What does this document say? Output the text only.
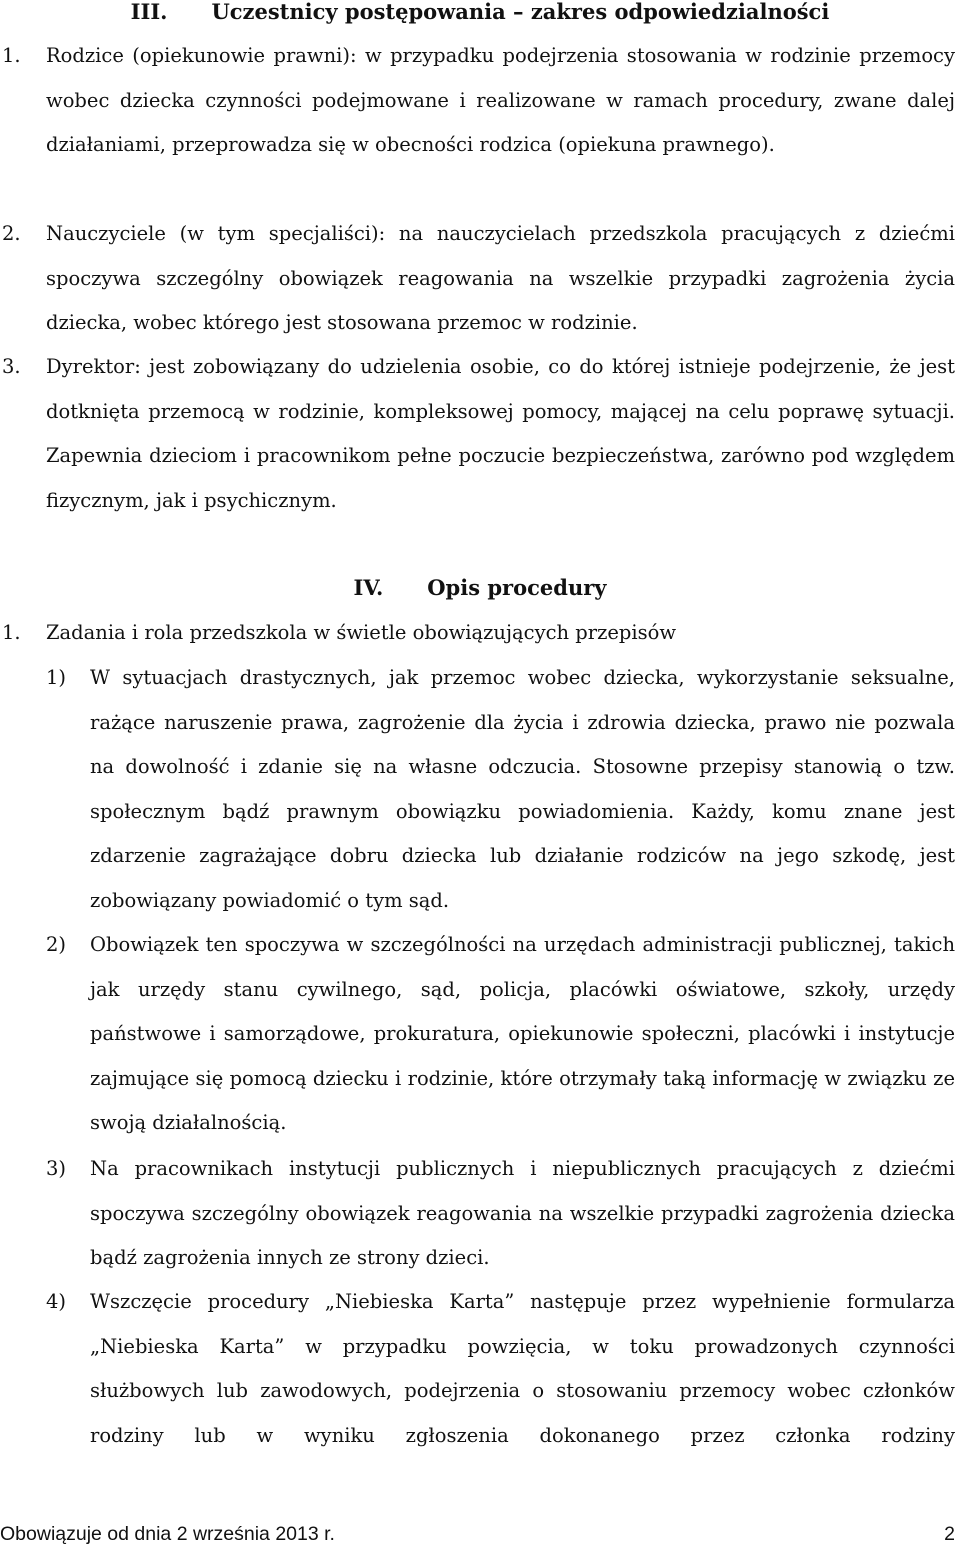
III. Uczestnicy postępowania – zakres odpowiedzialności

1. Rodzice (opiekunowie prawni): w przypadku podejrzenia stosowania w rodzinie przemocy wobec dziecka czynności podejmowane i realizowane w ramach procedury, zwane dalej działaniami, przeprowadza się w obecności rodzica (opiekuna prawnego).

2. Nauczyciele (w tym specjaliści): na nauczycielach przedszkola pracujących z dziećmi spoczywa szczególny obowiązek reagowania na wszelkie przypadki zagrożenia życia dziecka, wobec którego jest stosowana przemoc w rodzinie.

3. Dyrektor: jest zobowiązany do udzielenia osobie, co do której istnieje podejrzenie, że jest dotknięta przemocą w rodzinie, kompleksowej pomocy, mającej na celu poprawę sytuacji. Zapewnia dzieciom i pracownikom pełne poczucie bezpieczeństwa, zarówno pod względem fizycznym, jak i psychicznym.

IV. Opis procedury

1. Zadania i rola przedszkola w świetle obowiązujących przepisów

1) W sytuacjach drastycznych, jak przemoc wobec dziecka, wykorzystanie seksualne, rażące naruszenie prawa, zagrożenie dla życia i zdrowia dziecka, prawo nie pozwala na dowolność i zdanie się na własne odczucia. Stosowne przepisy stanowią o tzw. społecznym bądź prawnym obowiązku powiadomienia. Każdy, komu znane jest zdarzenie zagrażające dobru dziecka lub działanie rodziców na jego szkodę, jest zobowiązany powiadomić o tym sąd.

2) Obowiązek ten spoczywa w szczególności na urzędach administracji publicznej, takich jak urzędy stanu cywilnego, sąd, policja, placówki oświatowe, szkoły, urzędy państwowe i samorządowe, prokuratura, opiekunowie społeczni, placówki i instytucje zajmujące się pomocą dziecku i rodzinie, które otrzymały taką informację w związku ze swoją działalnością.

3) Na pracownikach instytucji publicznych i niepublicznych pracujących z dziećmi spoczywa szczególny obowiązek reagowania na wszelkie przypadki zagrożenia dziecka bądź zagrożenia innych ze strony dzieci.

4) Wszczęcie procedury „Niebieska Karta” następuje przez wypełnienie formularza „Niebieska Karta” w przypadku powzięcia, w toku prowadzonych czynności służbowych lub zawodowych, podejrzenia o stosowaniu przemocy wobec członków rodziny lub w wyniku zgłoszenia dokonanego przez członka rodziny

Obowiązuje od dnia 2 września 2013 r.	2
